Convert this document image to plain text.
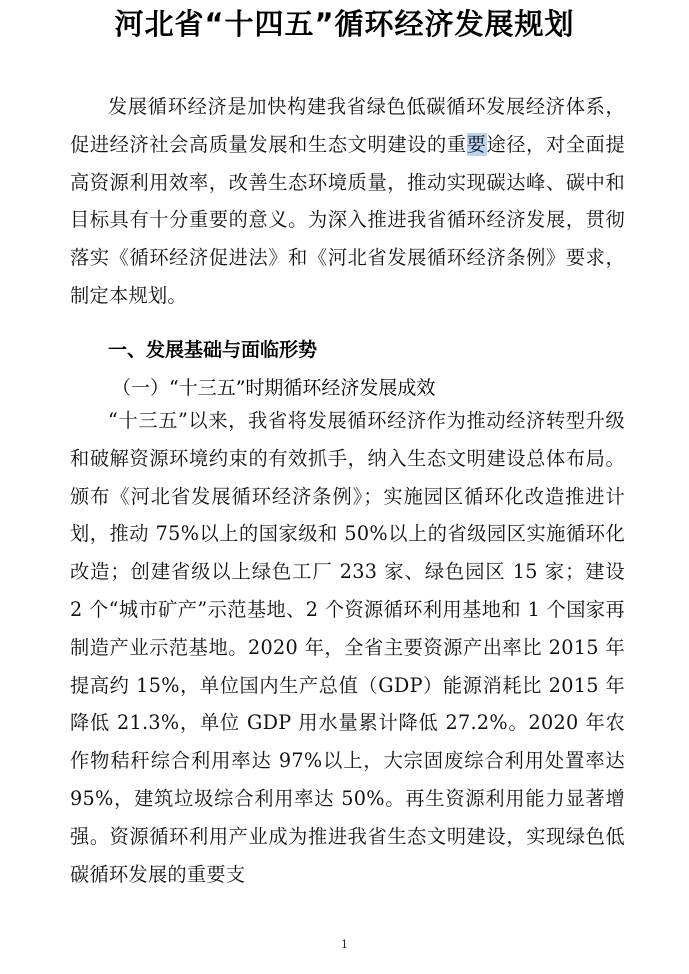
河北省“十四五”循环经济发展规划
发展循环经济是加快构建我省绿色低碳循环发展经济体系，促进经济社会高质量发展和生态文明建设的重要途径，对全面提高资源利用效率，改善生态环境质量，推动实现碳达峰、碳中和目标具有十分重要的意义。为深入推进我省循环经济发展，贯彻落实《循环经济促进法》和《河北省发展循环经济条例》要求，制定本规划。
一、发展基础与面临形势
（一）“十三五”时期循环经济发展成效
“十三五”以来，我省将发展循环经济作为推动经济转型升级和破解资源环境约束的有效抓手，纳入生态文明建设总体布局。颁布《河北省发展循环经济条例》；实施园区循环化改造推进计划，推动 75%以上的国家级和 50%以上的省级园区实施循环化改造；创建省级以上绿色工厂 233 家、绿色园区 15 家；建设 2 个“城市矿产”示范基地、2 个资源循环利用基地和 1 个国家再制造产业示范基地。2020 年，全省主要资源产出率比 2015 年提高约 15%，单位国内生产总值（GDP）能源消耗比 2015 年降低 21.3%，单位 GDP 用水量累计降低 27.2%。2020 年农作物秸秆综合利用率达 97%以上，大宗固废综合利用处置率达 95%，建筑垃圾综合利用率达 50%。再生资源利用能力显著增强。资源循环利用产业成为推进我省生态文明建设，实现绿色低碳循环发展的重要支
1
